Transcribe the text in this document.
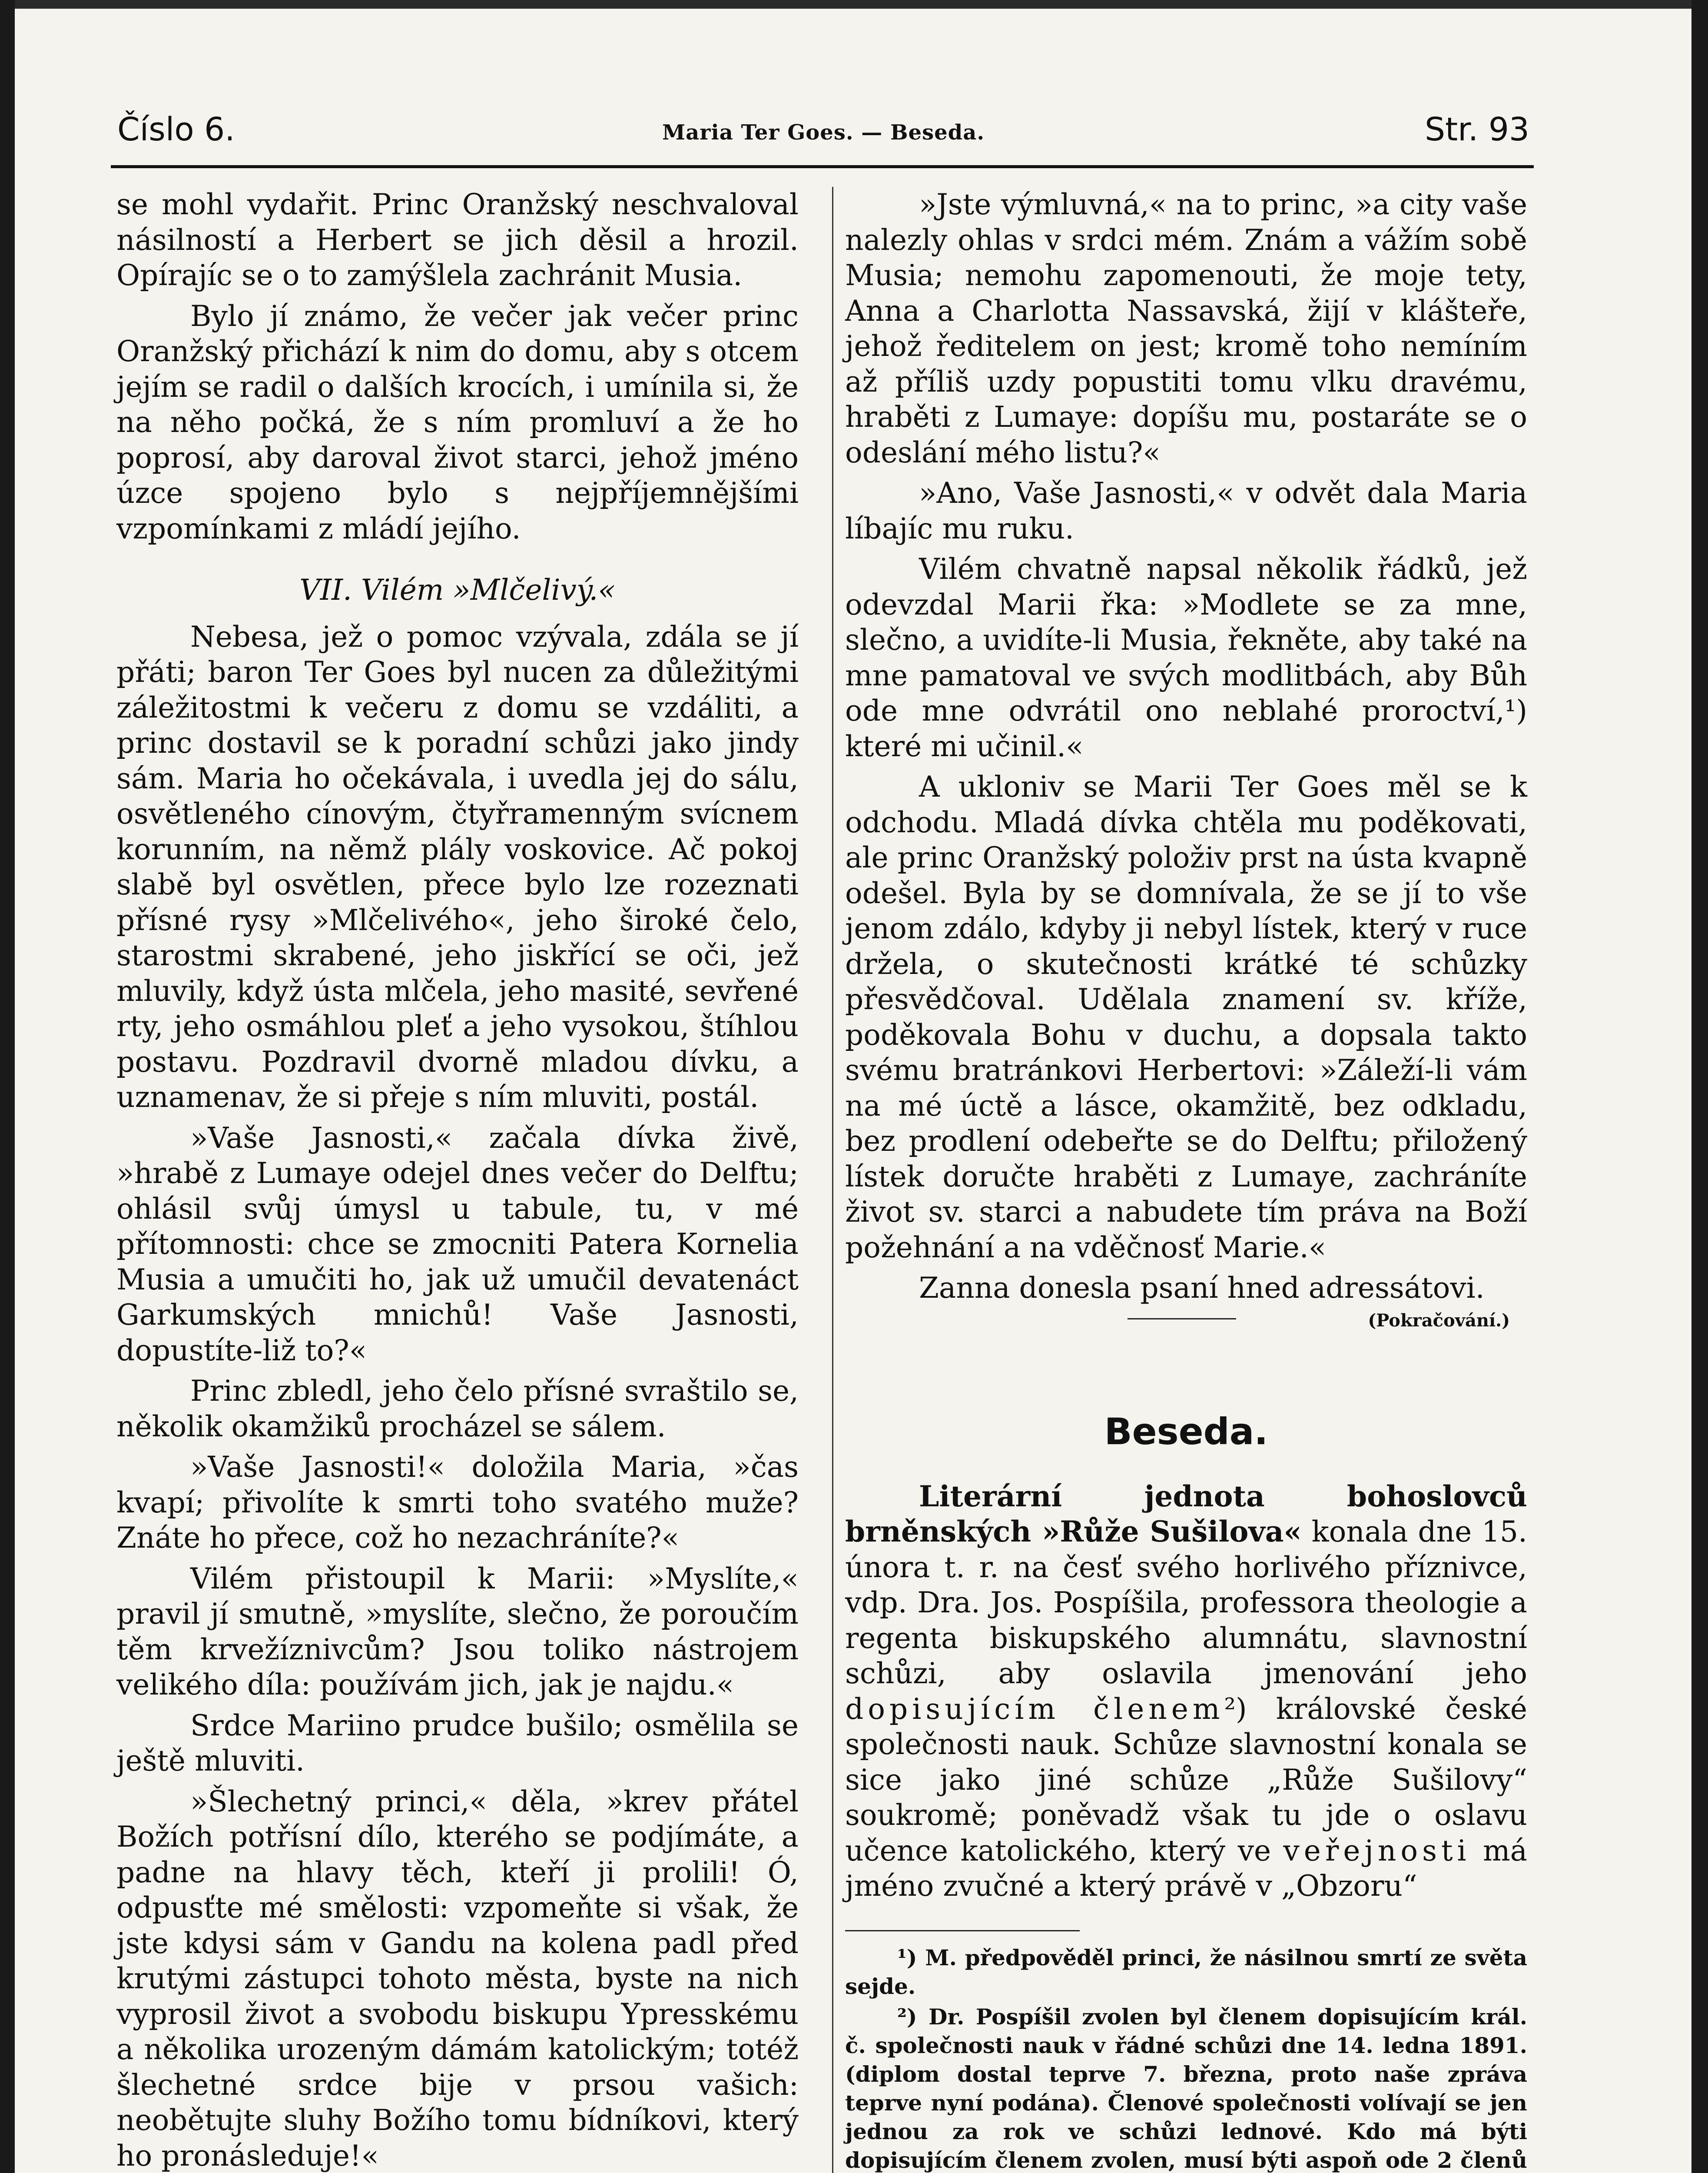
Číslo 6.	Maria Ter Goes. — Beseda.	Str. 93

se mohl vydařit. Princ Oranžský neschvaloval násilností a Herbert se jich děsil a hrozil. Opírajíc se o to zamýšlela zachránit Musia.

Bylo jí známo, že večer jak večer princ Oranžský přichází k nim do domu, aby s otcem jejím se radil o dalších krocích, i umínila si, že na něho počká, že s ním promluví a že ho poprosí, aby daroval život starci, jehož jméno úzce spojeno bylo s nejpříjemnějšími vzpomínkami z mládí jejího.

VII. Vilém »Mlčelivý.«

Nebesa, jež o pomoc vzývala, zdála se jí přáti; baron Ter Goes byl nucen za důležitými záležitostmi k večeru z domu se vzdáliti, a princ dostavil se k poradní schůzi jako jindy sám. Maria ho očekávala, i uvedla jej do sálu, osvětleného cínovým, čtyřramenným svícnem korunním, na němž plály voskovice. Ač pokoj slabě byl osvětlen, přece bylo lze rozeznati přísné rysy »Mlčelivého«, jeho široké čelo, starostmi skrabené, jeho jiskřící se oči, jež mluvily, když ústa mlčela, jeho masité, sevřené rty, jeho osmáhlou pleť a jeho vysokou, štíhlou postavu. Pozdravil dvorně mladou dívku, a uznamenav, že si přeje s ním mluviti, postál.

»Vaše Jasnosti,« začala dívka živě, »hrabě z Lumaye odejel dnes večer do Delftu; ohlásil svůj úmysl u tabule, tu, v mé přítomnosti: chce se zmocniti Patera Kornelia Musia a umučiti ho, jak už umučil devatenáct Garkumských mnichů! Vaše Jasnosti, dopustíte-liž to?«

Princ zbledl, jeho čelo přísné svraštilo se, několik okamžiků procházel se sálem.

»Vaše Jasnosti!« doložila Maria, »čas kvapí; přivolíte k smrti toho svatého muže? Znáte ho přece, což ho nezachráníte?«

Vilém přistoupil k Marii: »Myslíte,« pravil jí smutně, »myslíte, slečno, že poroučím těm krvežíznivcům? Jsou toliko nástrojem velikého díla: používám jich, jak je najdu.«

Srdce Mariino prudce bušilo; osmělila se ještě mluviti.

»Šlechetný princi,« děla, »krev přátel Božích potřísní dílo, kterého se podjímáte, a padne na hlavy těch, kteří ji prolili! Ó, odpusťte mé smělosti: vzpomeňte si však, že jste kdysi sám v Gandu na kolena padl před krutými zástupci tohoto města, byste na nich vyprosil život a svobodu biskupu Ypresskému a několika urozeným dámám katolickým; totéž šlechetné srdce bije v prsou vašich: neobětujte sluhy Božího tomu bídníkovi, který ho pronásleduje!«

»Jste výmluvná,« na to princ, »a city vaše nalezly ohlas v srdci mém. Znám a vážím sobě Musia; nemohu zapomenouti, že moje tety, Anna a Charlotta Nassavská, žijí v klášteře, jehož ředitelem on jest; kromě toho nemíním až příliš uzdy popustiti tomu vlku dravému, hraběti z Lumaye: dopíšu mu, postaráte se o odeslání mého listu?«

»Ano, Vaše Jasnosti,« v odvět dala Maria líbajíc mu ruku.

Vilém chvatně napsal několik řádků, jež odevzdal Marii řka: »Modlete se za mne, slečno, a uvidíte-li Musia, řekněte, aby také na mne pamatoval ve svých modlitbách, aby Bůh ode mne odvrátil ono neblahé proroctví,¹) které mi učinil.«

A ukloniv se Marii Ter Goes měl se k odchodu. Mladá dívka chtěla mu poděkovati, ale princ Oranžský položiv prst na ústa kvapně odešel. Byla by se domnívala, že se jí to vše jenom zdálo, kdyby ji nebyl lístek, který v ruce držela, o skutečnosti krátké té schůzky přesvědčoval. Udělala znamení sv. kříže, poděkovala Bohu v duchu, a dopsala takto svému bratránkovi Herbertovi: »Záleží-li vám na mé úctě a lásce, okamžitě, bez odkladu, bez prodlení odebeřte se do Delftu; přiložený lístek doručte hraběti z Lumaye, zachráníte život sv. starci a nabudete tím práva na Boží požehnání a na vděčnosť Marie.«

Zanna donesla psaní hned adressátovi.

(Pokračování.)
Beseda.

Literární jednota bohoslovců brněnských »Růže Sušilova« konala dne 15. února t. r. na česť svého horlivého příznivce, vdp. Dra. Jos. Pospíšila, professora theologie a regenta biskupského alumnátu, slavnostní schůzi, aby oslavila jmenování jeho dopisujícím členem²) královské české společnosti nauk. Schůze slavnostní konala se sice jako jiné schůze „Růže Sušilovy“ soukromě; poněvadž však tu jde o oslavu učence katolického, který ve veřejnosti má jméno zvučné a který právě v „Obzoru“

¹) M. předpověděl princi, že násilnou smrtí ze světa sejde.

²) Dr. Pospíšil zvolen byl členem dopisujícím král. č. společnosti nauk v řádné schůzi dne 14. ledna 1891. (diplom dostal teprve 7. března, proto naše zpráva teprve nyní podána). Členové společnosti volívají se jen jednou za rok ve schůzi lednové. Kdo má býti dopisujícím členem zvolen, musí býti aspoň ode 2 členů
